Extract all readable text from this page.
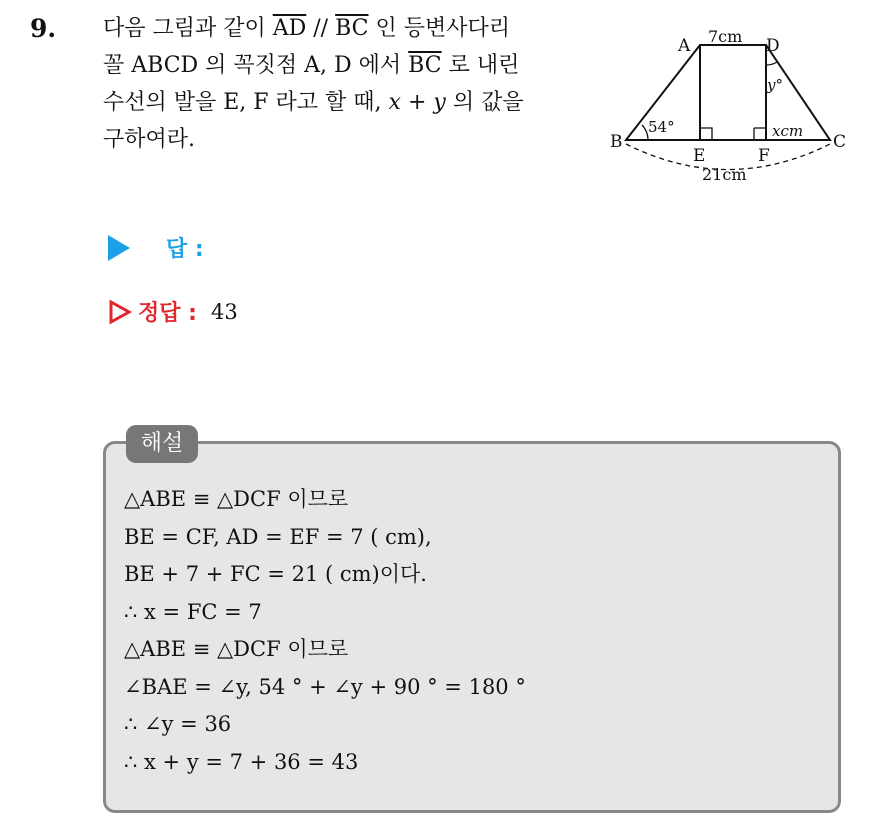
9. 다음 그림과 같이 $\overline{AD} // \overline{BC}$ 인 등변사다리
꼴 ABCD 의 꼭짓점 A, D 에서 $\overline{BC}$ 로 내린
수선의 발을 E, F 라고 할 때, x + y 의 값을
구하여라.
A	D
B	C
E	F
7cm
21cm
54°
y°
xcm
답 :
정답 : 43
해설
△ABE ≡ △DCF 이므로
BE = CF, AD = EF = 7 ( cm),
BE + 7 + FC = 21 ( cm)이다.
∴ x = FC = 7
△ABE ≡ △DCF 이므로
∠BAE = ∠y, 54 ° + ∠y + 90 ° = 180 °
∴ ∠y = 36
∴ x + y = 7 + 36 = 43
